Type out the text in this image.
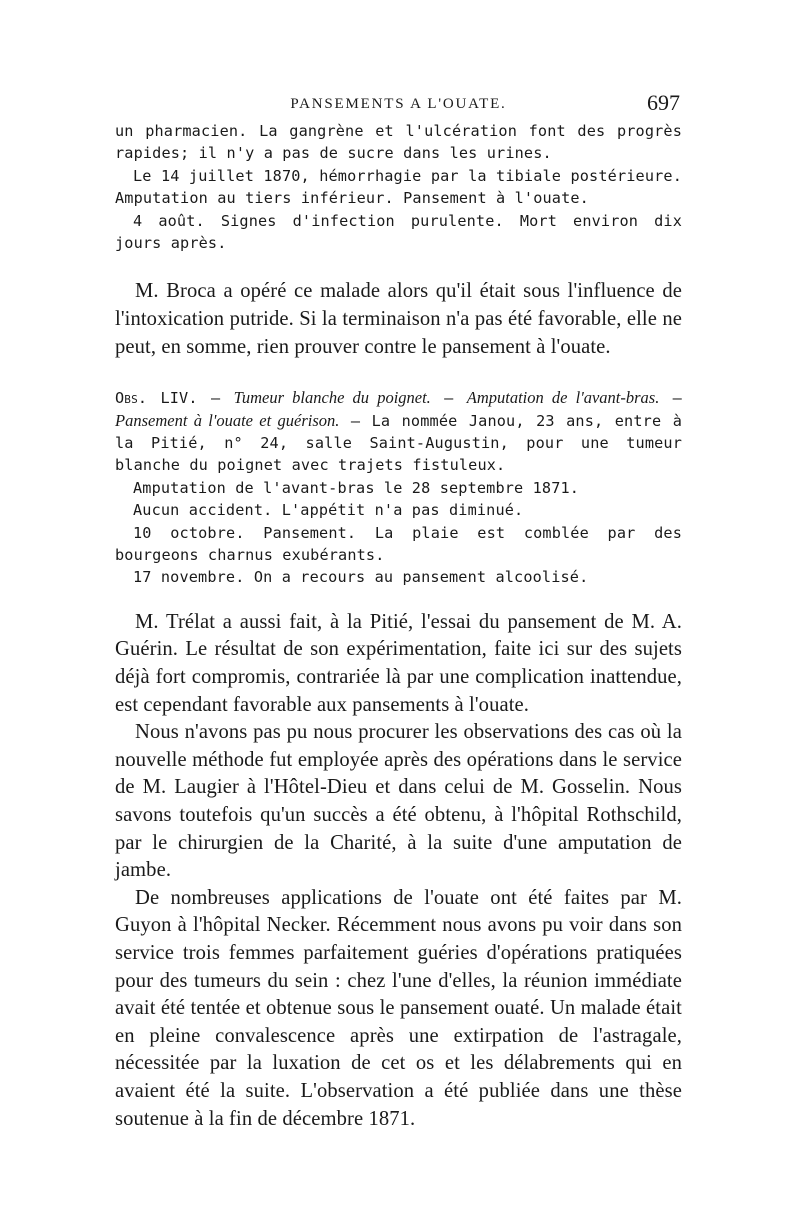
PANSEMENTS A L'OUATE.	697

un pharmacien. La gangrène et l'ulcération font des progrès rapides; il n'y a pas de sucre dans les urines.

Le 14 juillet 1870, hémorrhagie par la tibiale postérieure. Amputation au tiers inférieur. Pansement à l'ouate.

4 août. Signes d'infection purulente. Mort environ dix jours après.

M. Broca a opéré ce malade alors qu'il était sous l'influence de l'intoxication putride. Si la terminaison n'a pas été favorable, elle ne peut, en somme, rien prouver contre le pansement à l'ouate.

Obs. LIV. — Tumeur blanche du poignet. — Amputation de l'avant-bras. — Pansement à l'ouate et guérison. — La nommée Janou, 23 ans, entre à la Pitié, n° 24, salle Saint-Augustin, pour une tumeur blanche du poignet avec trajets fistuleux.

Amputation de l'avant-bras le 28 septembre 1871.

Aucun accident. L'appétit n'a pas diminué.

10 octobre. Pansement. La plaie est comblée par des bourgeons charnus exubérants.

17 novembre. On a recours au pansement alcoolisé.

M. Trélat a aussi fait, à la Pitié, l'essai du pansement de M. A. Guérin. Le résultat de son expérimentation, faite ici sur des sujets déjà fort compromis, contrariée là par une complication inattendue, est cependant favorable aux pansements à l'ouate.

Nous n'avons pas pu nous procurer les observations des cas où la nouvelle méthode fut employée après des opérations dans le service de M. Laugier à l'Hôtel-Dieu et dans celui de M. Gosselin. Nous savons toutefois qu'un succès a été obtenu, à l'hôpital Rothschild, par le chirurgien de la Charité, à la suite d'une amputation de jambe.

De nombreuses applications de l'ouate ont été faites par M. Guyon à l'hôpital Necker. Récemment nous avons pu voir dans son service trois femmes parfaitement guéries d'opérations pratiquées pour des tumeurs du sein : chez l'une d'elles, la réunion immédiate avait été tentée et obtenue sous le pansement ouaté. Un malade était en pleine convalescence après une extirpation de l'astragale, nécessitée par la luxation de cet os et les délabrements qui en avaient été la suite. L'observation a été publiée dans une thèse soutenue à la fin de décembre 1871.
